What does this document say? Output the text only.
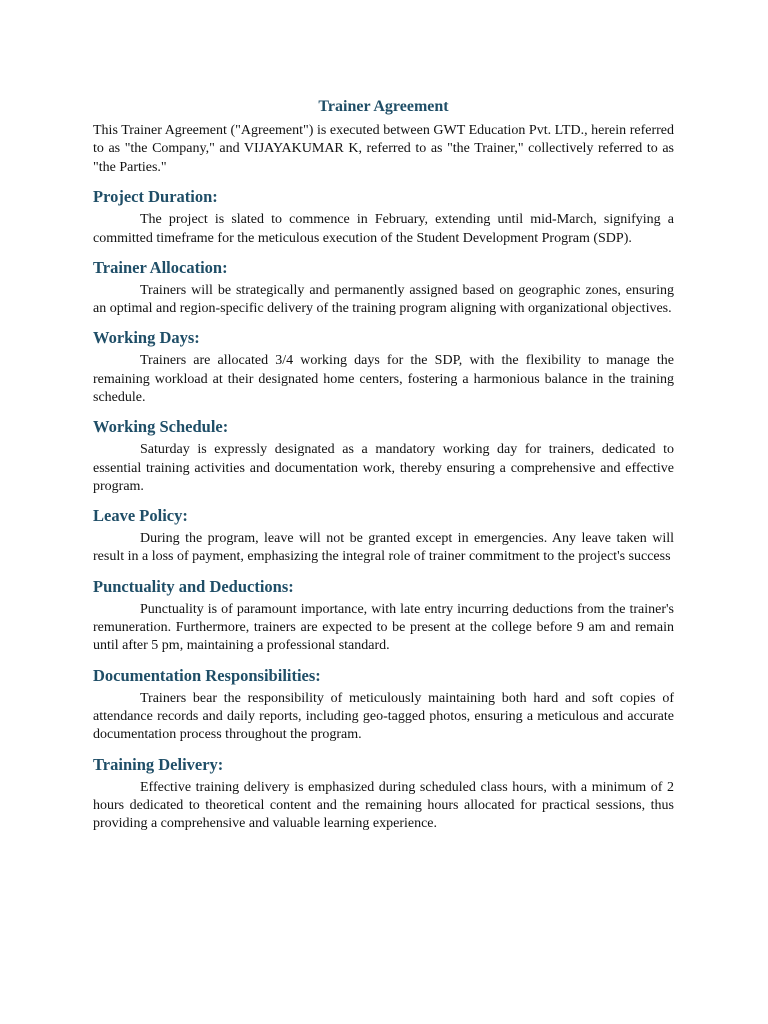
Trainer Agreement

This Trainer Agreement ("Agreement") is executed between GWT Education Pvt. LTD., herein referred to as "the Company," and VIJAYAKUMAR K, referred to as "the Trainer," collectively referred to as "the Parties."

Project Duration:

The project is slated to commence in February, extending until mid-March, signifying a committed timeframe for the meticulous execution of the Student Development Program (SDP).

Trainer Allocation:

Trainers will be strategically and permanently assigned based on geographic zones, ensuring an optimal and region-specific delivery of the training program aligning with organizational objectives.

Working Days:

Trainers are allocated 3/4 working days for the SDP, with the flexibility to manage the remaining workload at their designated home centers, fostering a harmonious balance in the training schedule.

Working Schedule:

Saturday is expressly designated as a mandatory working day for trainers, dedicated to essential training activities and documentation work, thereby ensuring a comprehensive and effective program.

Leave Policy:

During the program, leave will not be granted except in emergencies. Any leave taken will result in a loss of payment, emphasizing the integral role of trainer commitment to the project's success

Punctuality and Deductions:

Punctuality is of paramount importance, with late entry incurring deductions from the trainer's remuneration. Furthermore, trainers are expected to be present at the college before 9 am and remain until after 5 pm, maintaining a professional standard.

Documentation Responsibilities:

Trainers bear the responsibility of meticulously maintaining both hard and soft copies of attendance records and daily reports, including geo-tagged photos, ensuring a meticulous and accurate documentation process throughout the program.

Training Delivery:

Effective training delivery is emphasized during scheduled class hours, with a minimum of 2 hours dedicated to theoretical content and the remaining hours allocated for practical sessions, thus providing a comprehensive and valuable learning experience.
